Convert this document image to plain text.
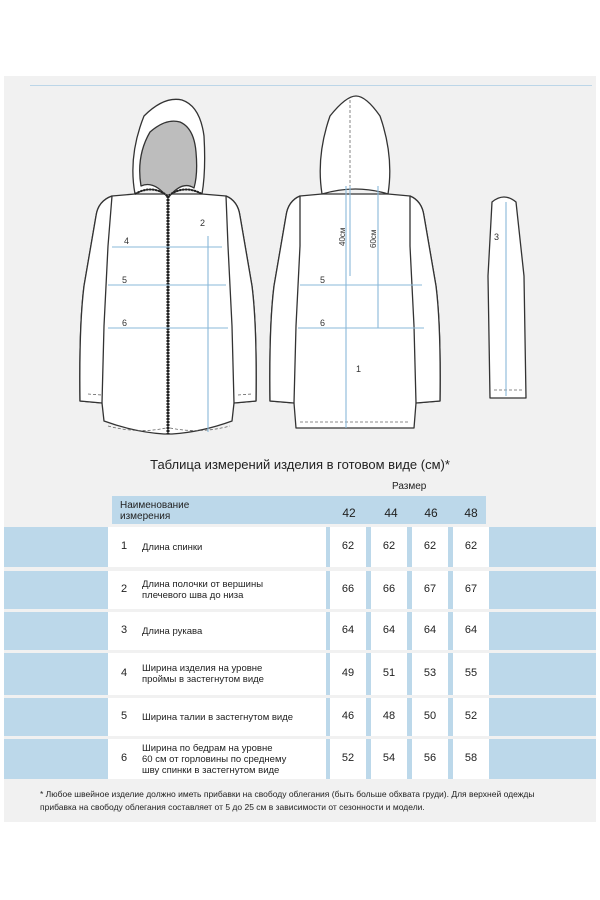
2
4
5
6
1
5
6
3
40см	60см
Таблица измерений изделия в готовом виде (см)*
Размер
Наименование
измерения	42	44	46	48
1	Длина спинки	62	62	62	62
2	Длина полочки от вершины
плечевого шва до низа
66	66	67	67
3	Длина рукава	64	64	64	64
4	Ширина изделия на уровне
проймы в застегнутом виде
49	51	53	55
5	Ширина талии в застегнутом виде	46	48	50	52
6
Ширина по бедрам на уровне
60 см от горловины по среднему
шву спинки в застегнутом виде
52	54	56	58
* Любое швейное изделие должно иметь прибавки на свободу облегания (быть больше обхвата груди). Для верхней одежды
прибавка на свободу облегания составляет от 5 до 25 см в зависимости от сезонности и модели.
